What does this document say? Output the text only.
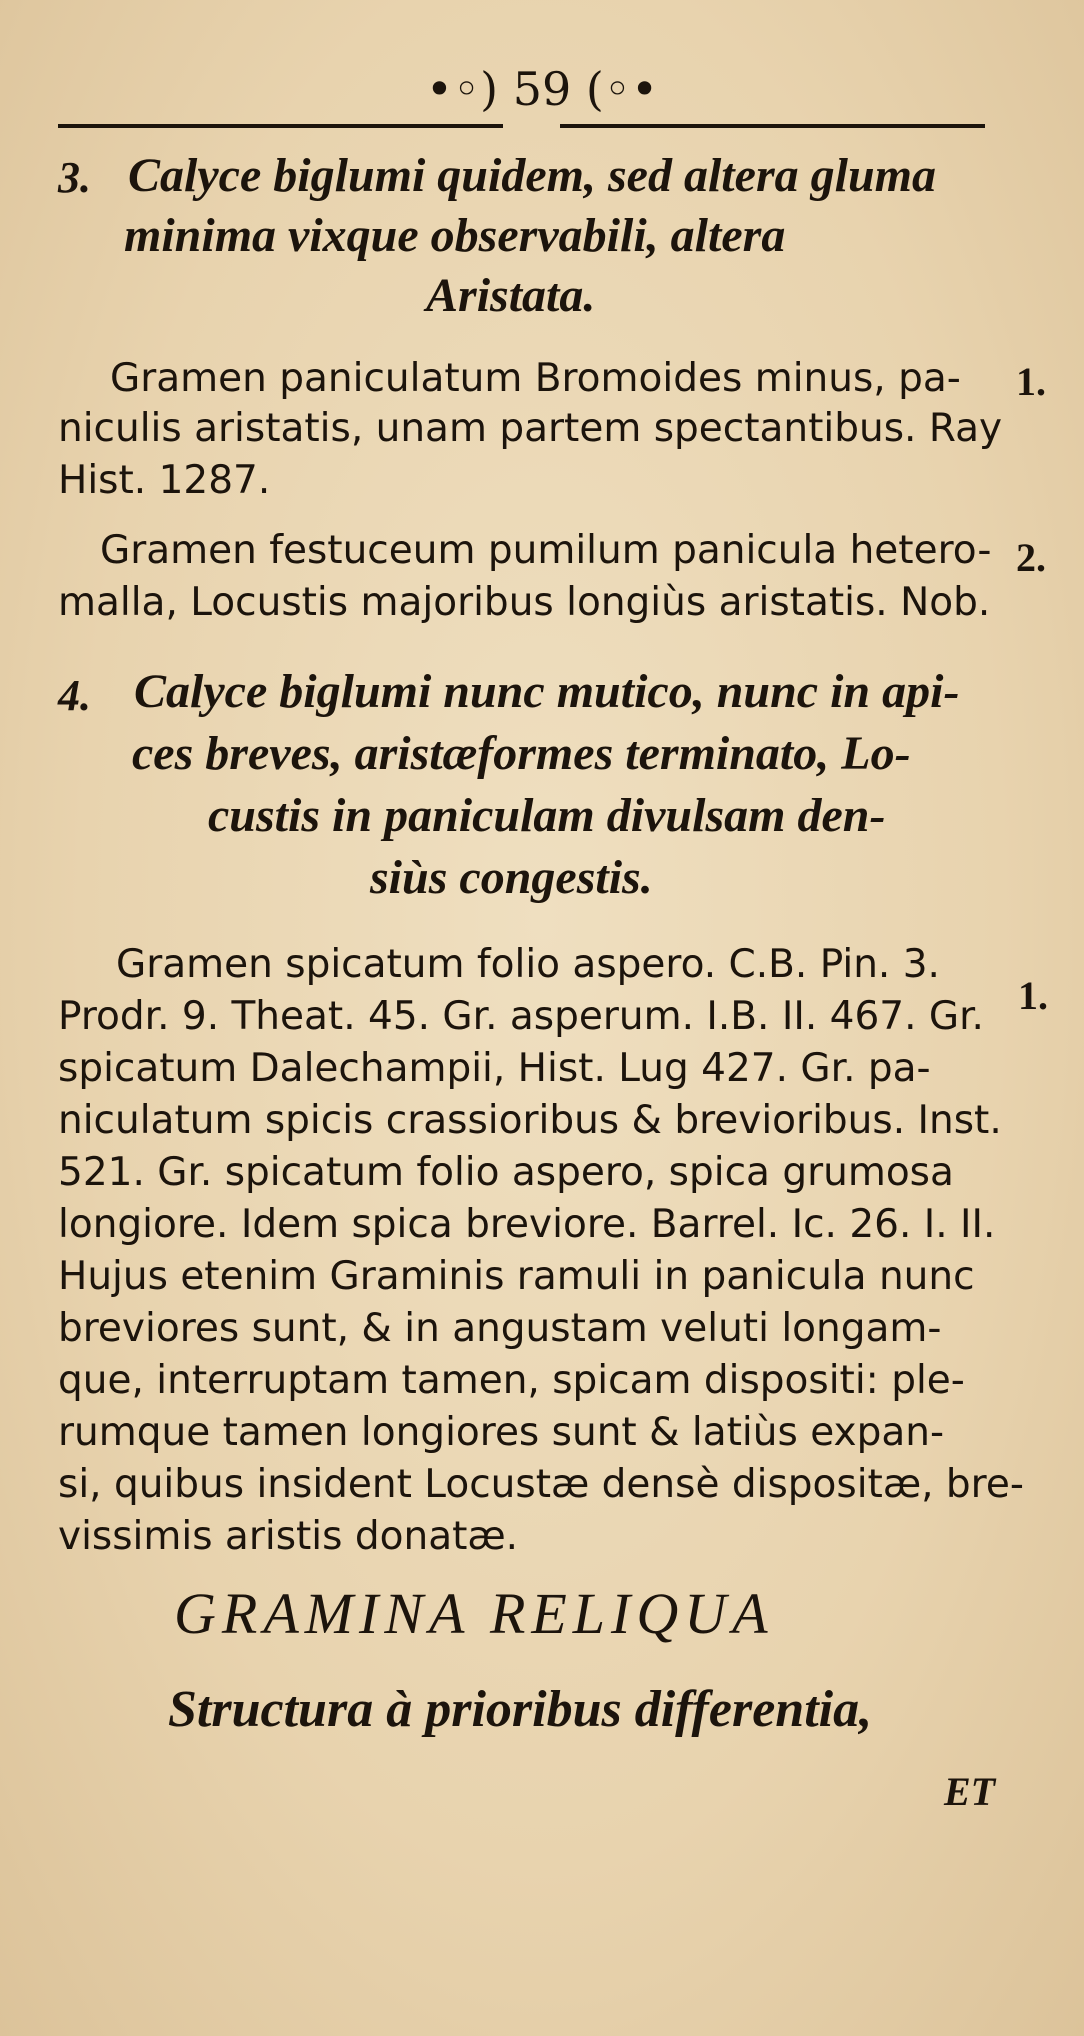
•◦) 59 (◦•
3. Calyce biglumi quidem, sed altera gluma
minima vixque observabili, altera
Aristata.
Gramen paniculatum Bromoides minus, pa-
niculis aristatis, unam partem spectantibus. Ray
Hist. 1287.
1.
Gramen festuceum pumilum panicula hetero-
malla, Locustis majoribus longiùs aristatis. Nob.
2.
4. Calyce biglumi nunc mutico, nunc in api-
ces breves, aristæformes terminato, Lo-
custis in paniculam divulsam den-
siùs congestis.
Gramen spicatum folio aspero. C.B. Pin. 3.
Prodr. 9. Theat. 45. Gr. asperum. I.B. II. 467. Gr.
spicatum Dalechampii, Hist. Lug 427. Gr. pa-
niculatum spicis crassioribus & brevioribus. Inst.
521. Gr. spicatum folio aspero, spica grumosa
longiore. Idem spica breviore. Barrel. Ic. 26. I. II.
Hujus etenim Graminis ramuli in panicula nunc
breviores sunt, & in angustam veluti longam-
que, interruptam tamen, spicam dispositi: ple-
rumque tamen longiores sunt & latiùs expan-
si, quibus insident Locustæ densè dispositæ, bre-
vissimis aristis donatæ.
1.
GRAMINA RELIQUA
Structura à prioribus differentia,
ET
